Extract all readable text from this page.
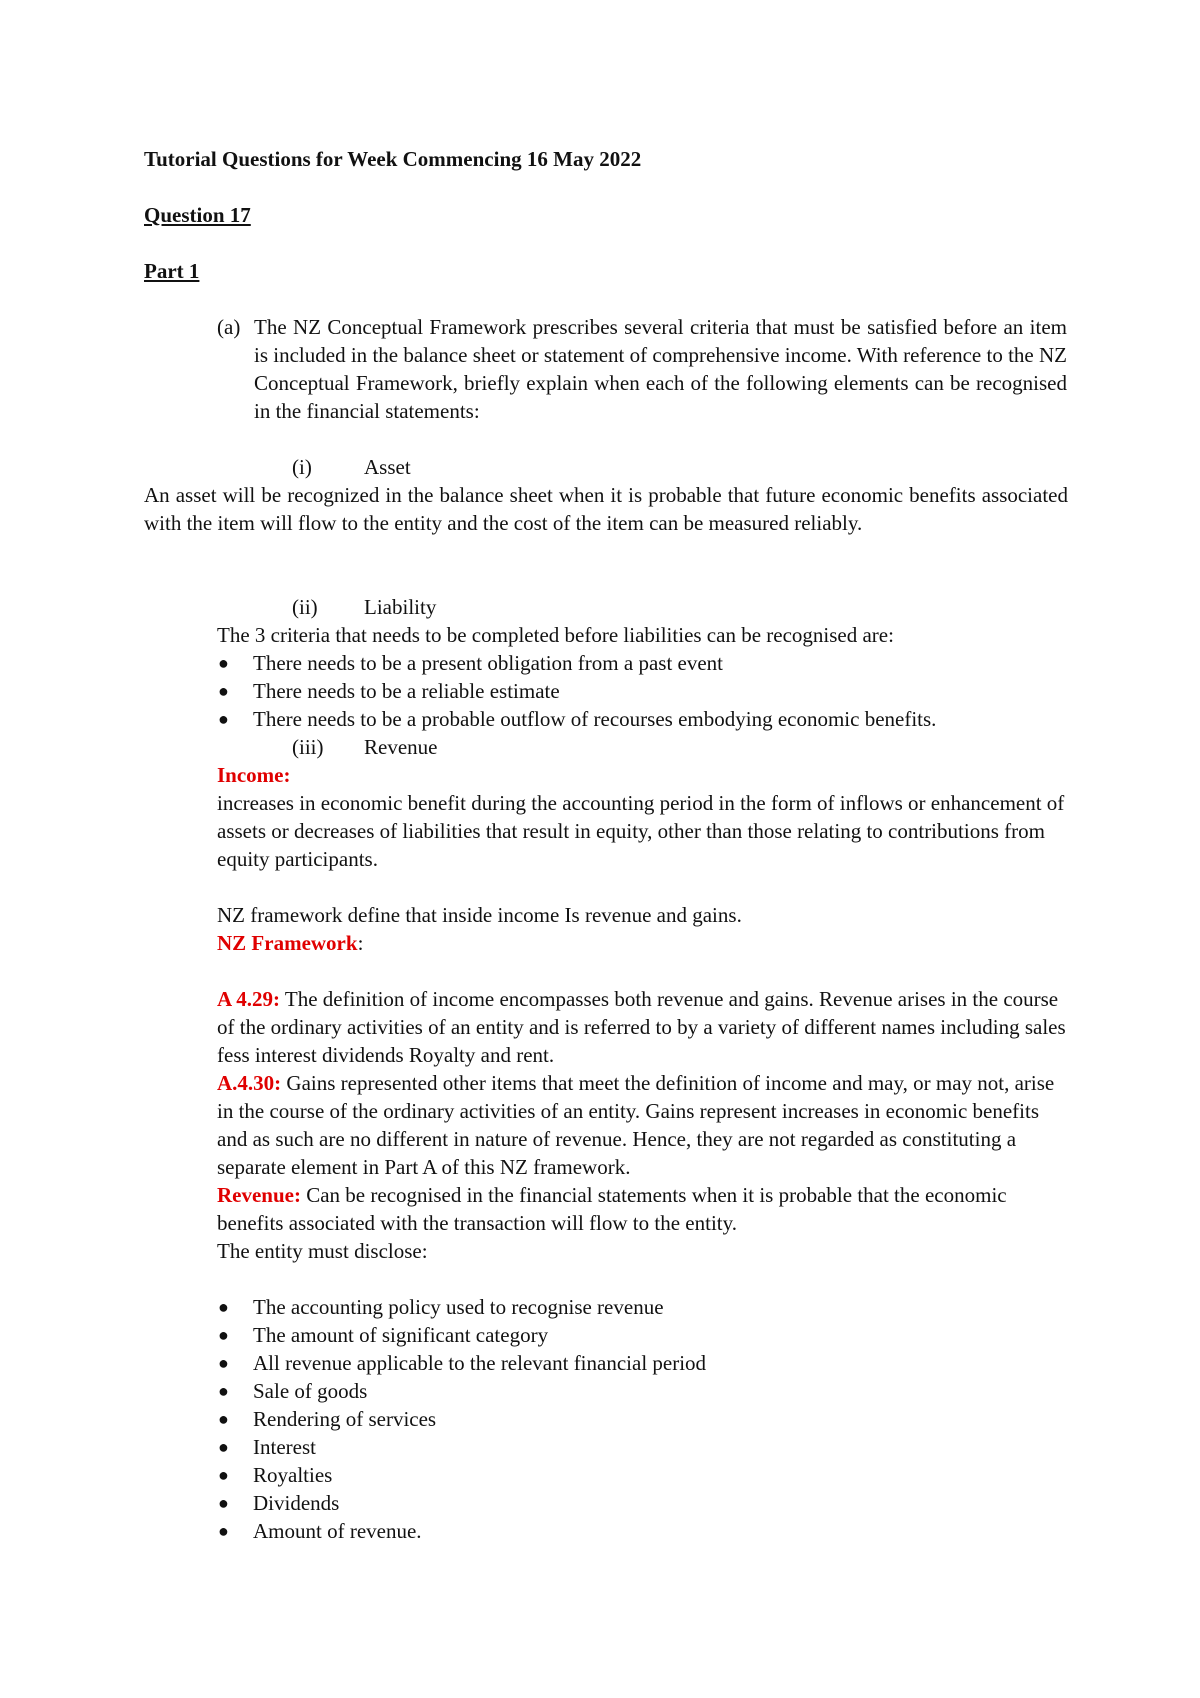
Tutorial Questions for Week Commencing 16 May 2022
Question 17
Part 1
(a) The NZ Conceptual Framework prescribes several criteria that must be satisfied before an item is included in the balance sheet or statement of comprehensive income. With reference to the NZ Conceptual Framework, briefly explain when each of the following elements can be recognised in the financial statements:
(i) Asset
An asset will be recognized in the balance sheet when it is probable that future economic benefits associated with the item will flow to the entity and the cost of the item can be measured reliably.
(ii) Liability
The 3 criteria that needs to be completed before liabilities can be recognised are:
● There needs to be a present obligation from a past event
● There needs to be a reliable estimate
● There needs to be a probable outflow of recourses embodying economic benefits.
(iii) Revenue

Income:

increases in economic benefit during the accounting period in the form of inflows or enhancement of assets or decreases of liabilities that result in equity, other than those relating to contributions from equity participants.

NZ framework define that inside income Is revenue and gains.

NZ Framework:

A 4.29: The definition of income encompasses both revenue and gains. Revenue arises in the course of the ordinary activities of an entity and is referred to by a variety of different names including sales fess interest dividends Royalty and rent.

A.4.30: Gains represented other items that meet the definition of income and may, or may not, arise in the course of the ordinary activities of an entity. Gains represent increases in economic benefits and as such are no different in nature of revenue. Hence, they are not regarded as constituting a separate element in Part A of this NZ framework.

Revenue: Can be recognised in the financial statements when it is probable that the economic benefits associated with the transaction will flow to the entity.

The entity must disclose:

● The accounting policy used to recognise revenue
● The amount of significant category
● All revenue applicable to the relevant financial period
● Sale of goods
● Rendering of services
● Interest
● Royalties
● Dividends
● Amount of revenue.
